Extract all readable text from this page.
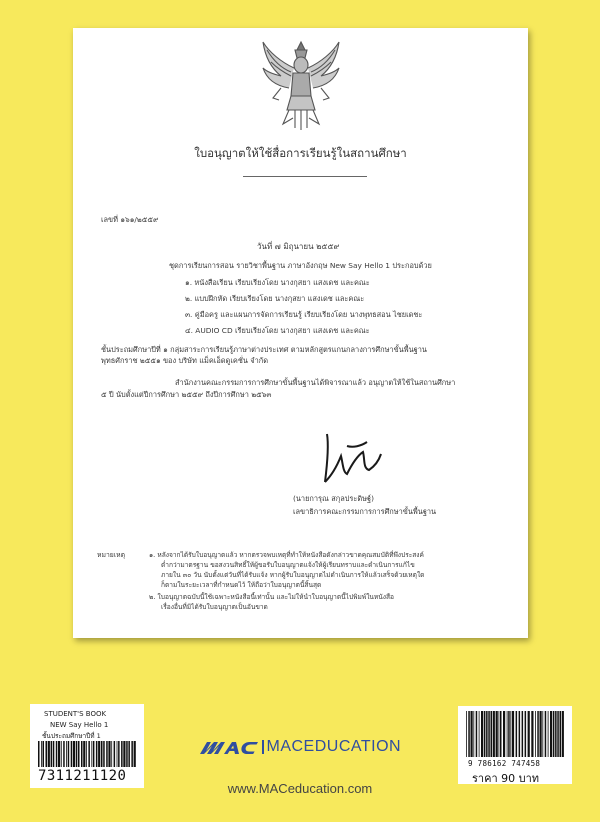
ใบอนุญาตให้ใช้สื่อการเรียนรู้ในสถานศึกษา
เลขที่ ๑๖๑/๒๕๕๙
วันที่ ๗ มิถุนายน ๒๕๕๙
ชุดการเรียนการสอน รายวิชาพื้นฐาน ภาษาอังกฤษ New Say Hello 1 ประกอบด้วย
๑. หนังสือเรียน เรียบเรียงโดย นางกุสยา แสงเดช และคณะ
๒. แบบฝึกหัด เรียบเรียงโดย นางกุสยา แสงเดช และคณะ
๓. คู่มือครู และแผนการจัดการเรียนรู้ เรียบเรียงโดย นางพุทธสอน ไชยเดชะ
๔. AUDIO CD เรียบเรียงโดย นางกุสยา แสงเดช และคณะ
ชั้นประถมศึกษาปีที่ ๑ กลุ่มสาระการเรียนรู้ภาษาต่างประเทศ ตามหลักสูตรแกนกลางการศึกษาขั้นพื้นฐาน
พุทธศักราช ๒๕๕๑ ของ บริษัท แม็คเอ็ดดูเคชั่น จำกัด
สำนักงานคณะกรรมการการศึกษาขั้นพื้นฐานได้พิจารณาแล้ว อนุญาตให้ใช้ในสถานศึกษา
๕ ปี นับตั้งแต่ปีการศึกษา ๒๕๕๙ ถึงปีการศึกษา ๒๕๖๓
(นายการุณ สกุลประดิษฐ์)
เลขาธิการคณะกรรมการการศึกษาขั้นพื้นฐาน
หมายเหตุ	๑. หลังจากได้รับใบอนุญาตแล้ว หากตรวจพบเหตุที่ทำให้หนังสือดังกล่าวขาดคุณสมบัติที่พึงประสงค์
ต่ำกว่ามาตรฐาน ขอสงวนสิทธิ์ให้ผู้ขอรับใบอนุญาตแจ้งให้ผู้เรียนทราบและดำเนินการแก้ไข
ภายใน ๓๐ วัน นับตั้งแต่วันที่ได้รับแจ้ง หากผู้รับใบอนุญาตไม่ดำเนินการให้แล้วเสร็จด้วยเหตุใด
ก็ตามในระยะเวลาที่กำหนดไว้ ให้ถือว่าใบอนุญาตนี้สิ้นสุด
๒. ใบอนุญาตฉบับนี้ใช้เฉพาะหนังสือนี้เท่านั้น และไม่ให้นำใบอนุญาตนี้ไปพิมพ์ในหนังสือ
เรื่องอื่นที่มิได้รับใบอนุญาตเป็นอันขาด
STUDENT'S BOOK
NEW Say Hello 1
ชั้นประถมศึกษาปีที่ 1
7311211120
MACEDUCATION
www.MACeducation.com
9 786162 747458
ราคา 90 บาท
